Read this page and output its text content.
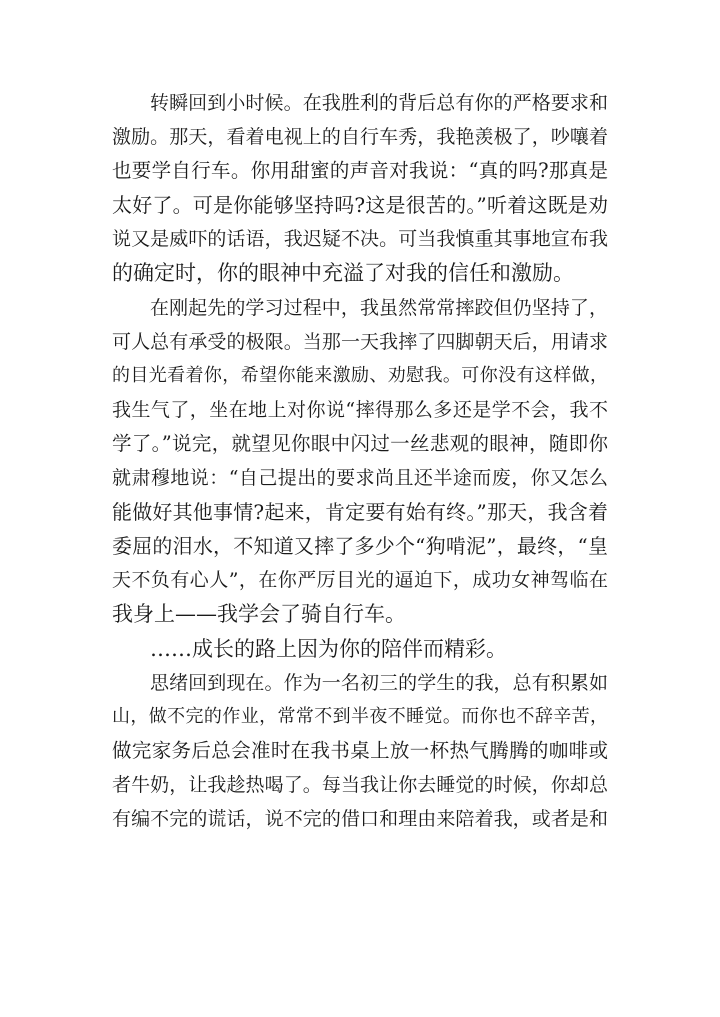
转瞬回到小时候。在我胜利的背后总有你的严格要求和
激励。那天，看着电视上的自行车秀，我艳羡极了，吵嚷着
也要学自行车。你用甜蜜的声音对我说：“真的吗?那真是
太好了。可是你能够坚持吗?这是很苦的。”听着这既是劝
说又是威吓的话语，我迟疑不决。可当我慎重其事地宣布我
的确定时，你的眼神中充溢了对我的信任和激励。
在刚起先的学习过程中，我虽然常常摔跤但仍坚持了，
可人总有承受的极限。当那一天我摔了四脚朝天后，用请求
的目光看着你，希望你能来激励、劝慰我。可你没有这样做，
我生气了，坐在地上对你说“摔得那么多还是学不会，我不
学了。”说完，就望见你眼中闪过一丝悲观的眼神，随即你
就肃穆地说：“自己提出的要求尚且还半途而废，你又怎么
能做好其他事情?起来，肯定要有始有终。”那天，我含着
委屈的泪水，不知道又摔了多少个“狗啃泥”，最终，“皇
天不负有心人”，在你严厉目光的逼迫下，成功女神驾临在
我身上——我学会了骑自行车。
……成长的路上因为你的陪伴而精彩。
思绪回到现在。作为一名初三的学生的我，总有积累如
山，做不完的作业，常常不到半夜不睡觉。而你也不辞辛苦，
做完家务后总会准时在我书桌上放一杯热气腾腾的咖啡或
者牛奶，让我趁热喝了。每当我让你去睡觉的时候，你却总
有编不完的谎话，说不完的借口和理由来陪着我，或者是和
